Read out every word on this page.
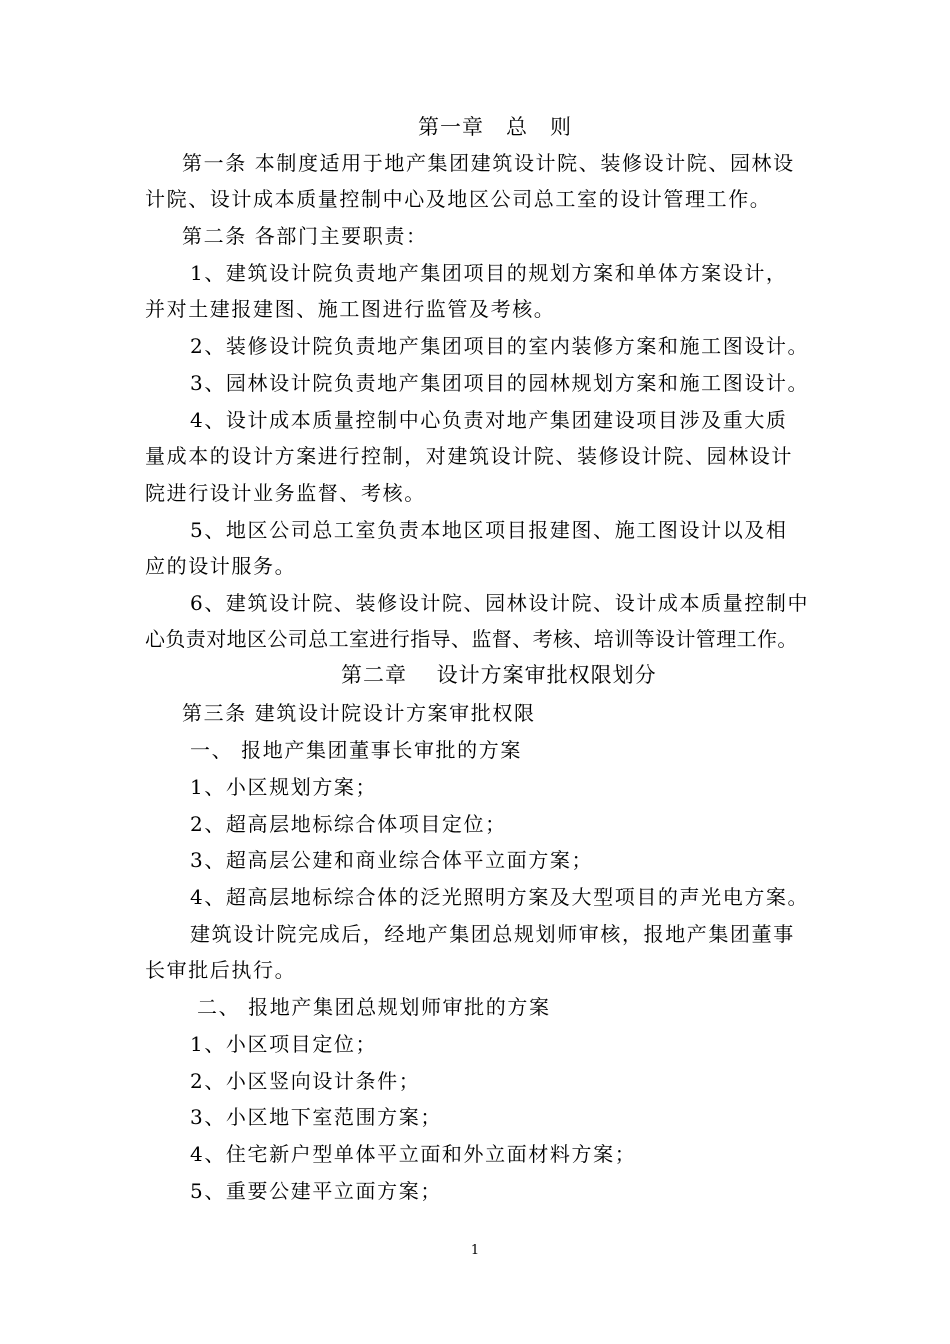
第一章　总　则
第一条 本制度适用于地产集团建筑设计院、装修设计院、园林设
计院、设计成本质量控制中心及地区公司总工室的设计管理工作。
第二条 各部门主要职责：
1、建筑设计院负责地产集团项目的规划方案和单体方案设计，
并对土建报建图、施工图进行监管及考核。
2、装修设计院负责地产集团项目的室内装修方案和施工图设计。
3、园林设计院负责地产集团项目的园林规划方案和施工图设计。
4、设计成本质量控制中心负责对地产集团建设项目涉及重大质
量成本的设计方案进行控制，对建筑设计院、装修设计院、园林设计
院进行设计业务监督、考核。
5、地区公司总工室负责本地区项目报建图、施工图设计以及相
应的设计服务。
6、建筑设计院、装修设计院、园林设计院、设计成本质量控制中
心负责对地区公司总工室进行指导、监督、考核、培训等设计管理工作。
第二章　 设计方案审批权限划分
第三条 建筑设计院设计方案审批权限
一、 报地产集团董事长审批的方案
1、小区规划方案；
2、超高层地标综合体项目定位；
3、超高层公建和商业综合体平立面方案；
4、超高层地标综合体的泛光照明方案及大型项目的声光电方案。
建筑设计院完成后，经地产集团总规划师审核，报地产集团董事
长审批后执行。
二、 报地产集团总规划师审批的方案
1、小区项目定位；
2、小区竖向设计条件；
3、小区地下室范围方案；
4、住宅新户型单体平立面和外立面材料方案；
5、重要公建平立面方案；
1
